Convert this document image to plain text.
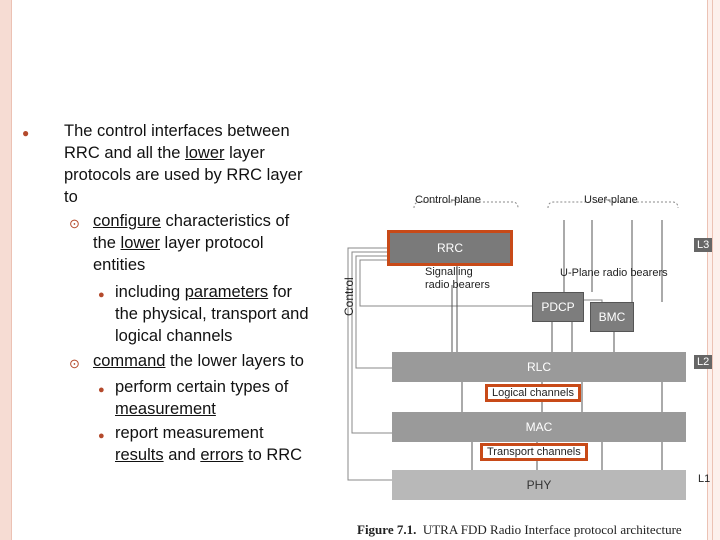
● The control interfaces between
RRC and all the lower layer
protocols are used by RRC layer
to
⊙ configure characteristics of
the lower layer protocol
entities
● including parameters for
the physical, transport and
logical channels
⊙ command the lower layers to
● perform certain types of
measurement
● report measurement
results and errors to RRC
Control-plane	User-plane
Control
RRC
Signalling
radio bearers
U-Plane radio bearers
PDCP
BMC
RLC
Logical channels
MAC
Transport channels
PHY
L3
L2
L1
Figure 7.1. UTRA FDD Radio Interface protocol architecture
